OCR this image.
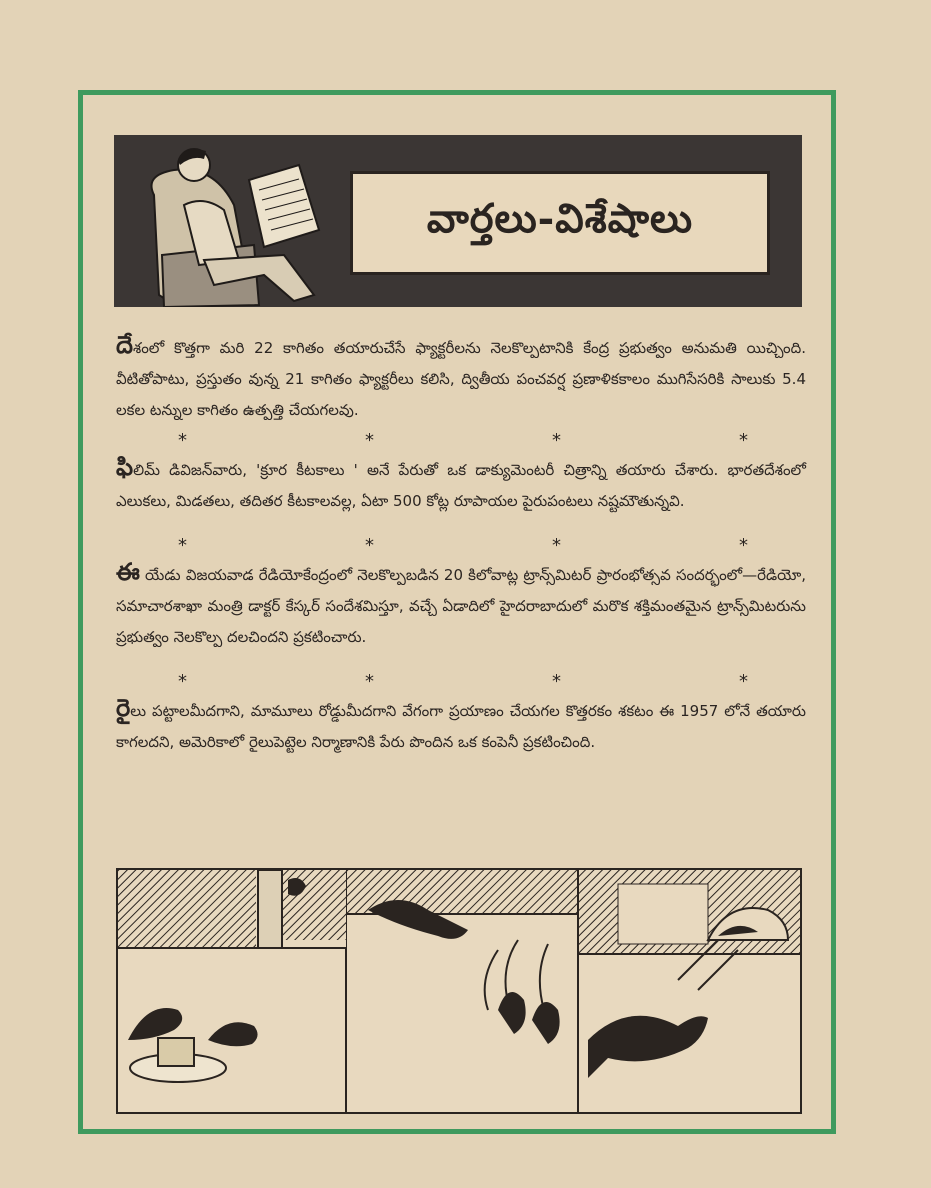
వార్తలు-విశేషాలు

దేశంలో కొత్తగా మరి 22 కాగితం తయారుచేసే ఫ్యాక్టరీలను నెలకొల్పటానికి కేంద్ర ప్రభుత్వం అనుమతి యిచ్చింది. వీటితోపాటు, ప్రస్తుతం వున్న 21 కాగితం ఫ్యాక్టరీలు కలిసి, ద్వితీయ పంచవర్ష ప్రణాళికకాలం ముగిసేసరికి సాలుకు 5.4 లకల టన్నుల కాగితం ఉత్పత్తి చేయగలవు.

*	*	*	*

ఫిలిమ్ డివిజన్‌వారు, 'క్రూర కీటకాలు ' అనే పేరుతో ఒక డాక్యుమెంటరీ చిత్రాన్ని తయారు చేశారు. భారతదేశంలో ఎలుకలు, మిడతలు, తదితర కీటకాలవల్ల, ఏటా 500 కోట్ల రూపాయల పైరుపంటలు నష్టమౌతున్నవి.

*	*	*	*

ఈ యేడు విజయవాడ రేడియోకేంద్రంలో నెలకొల్పబడిన 20 కిలోవాట్ల ట్రాన్స్‌మిటర్ ప్రారంభోత్సవ సందర్భంలో—రేడియో, సమాచారశాఖా మంత్రి డాక్టర్ కేస్కర్ సందేశమిస్తూ, వచ్చే ఏడాదిలో హైదరాబాదులో మరొక శక్తిమంతమైన ట్రాన్స్‌మిటరును ప్రభుత్వం నెలకొల్ప దలచిందని ప్రకటించారు.

*	*	*	*

రైలు పట్టాలమీదగాని, మామూలు రోడ్డుమీదగాని వేగంగా ప్రయాణం చేయగల కొత్తరకం శకటం ఈ 1957 లోనే తయారు కాగలదని, అమెరికాలో రైలుపెట్టెల నిర్మాణానికి పేరు పొందిన ఒక కంపెనీ ప్రకటించింది.
